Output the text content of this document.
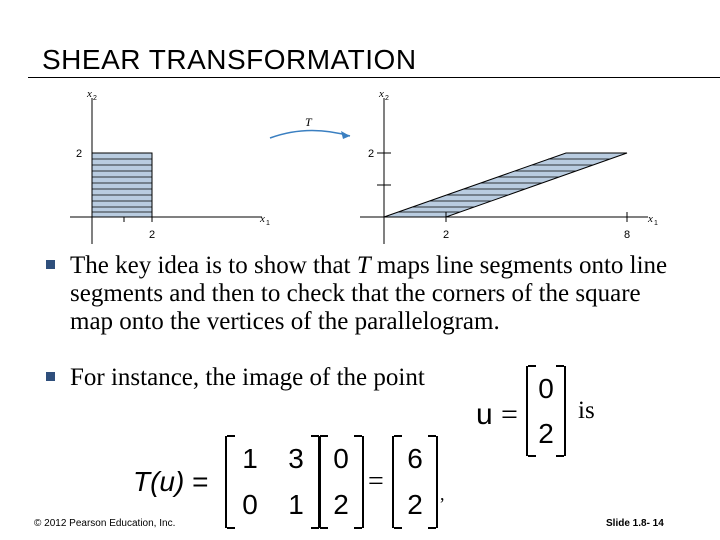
SHEAR TRANSFORMATION
2
2
x 2
x 1
T
2
2	8
x 2
x 1
The key idea is to show that T maps line segments onto line segments and then to check that the corners of the square map onto the vertices of the parallelogram.
For instance, the image of the point
u =
0
2
is
T(u) =
1 3
0 1
0
2
=
6
2 ,
© 2012 Pearson Education, Inc.	Slide 1.8- 14
